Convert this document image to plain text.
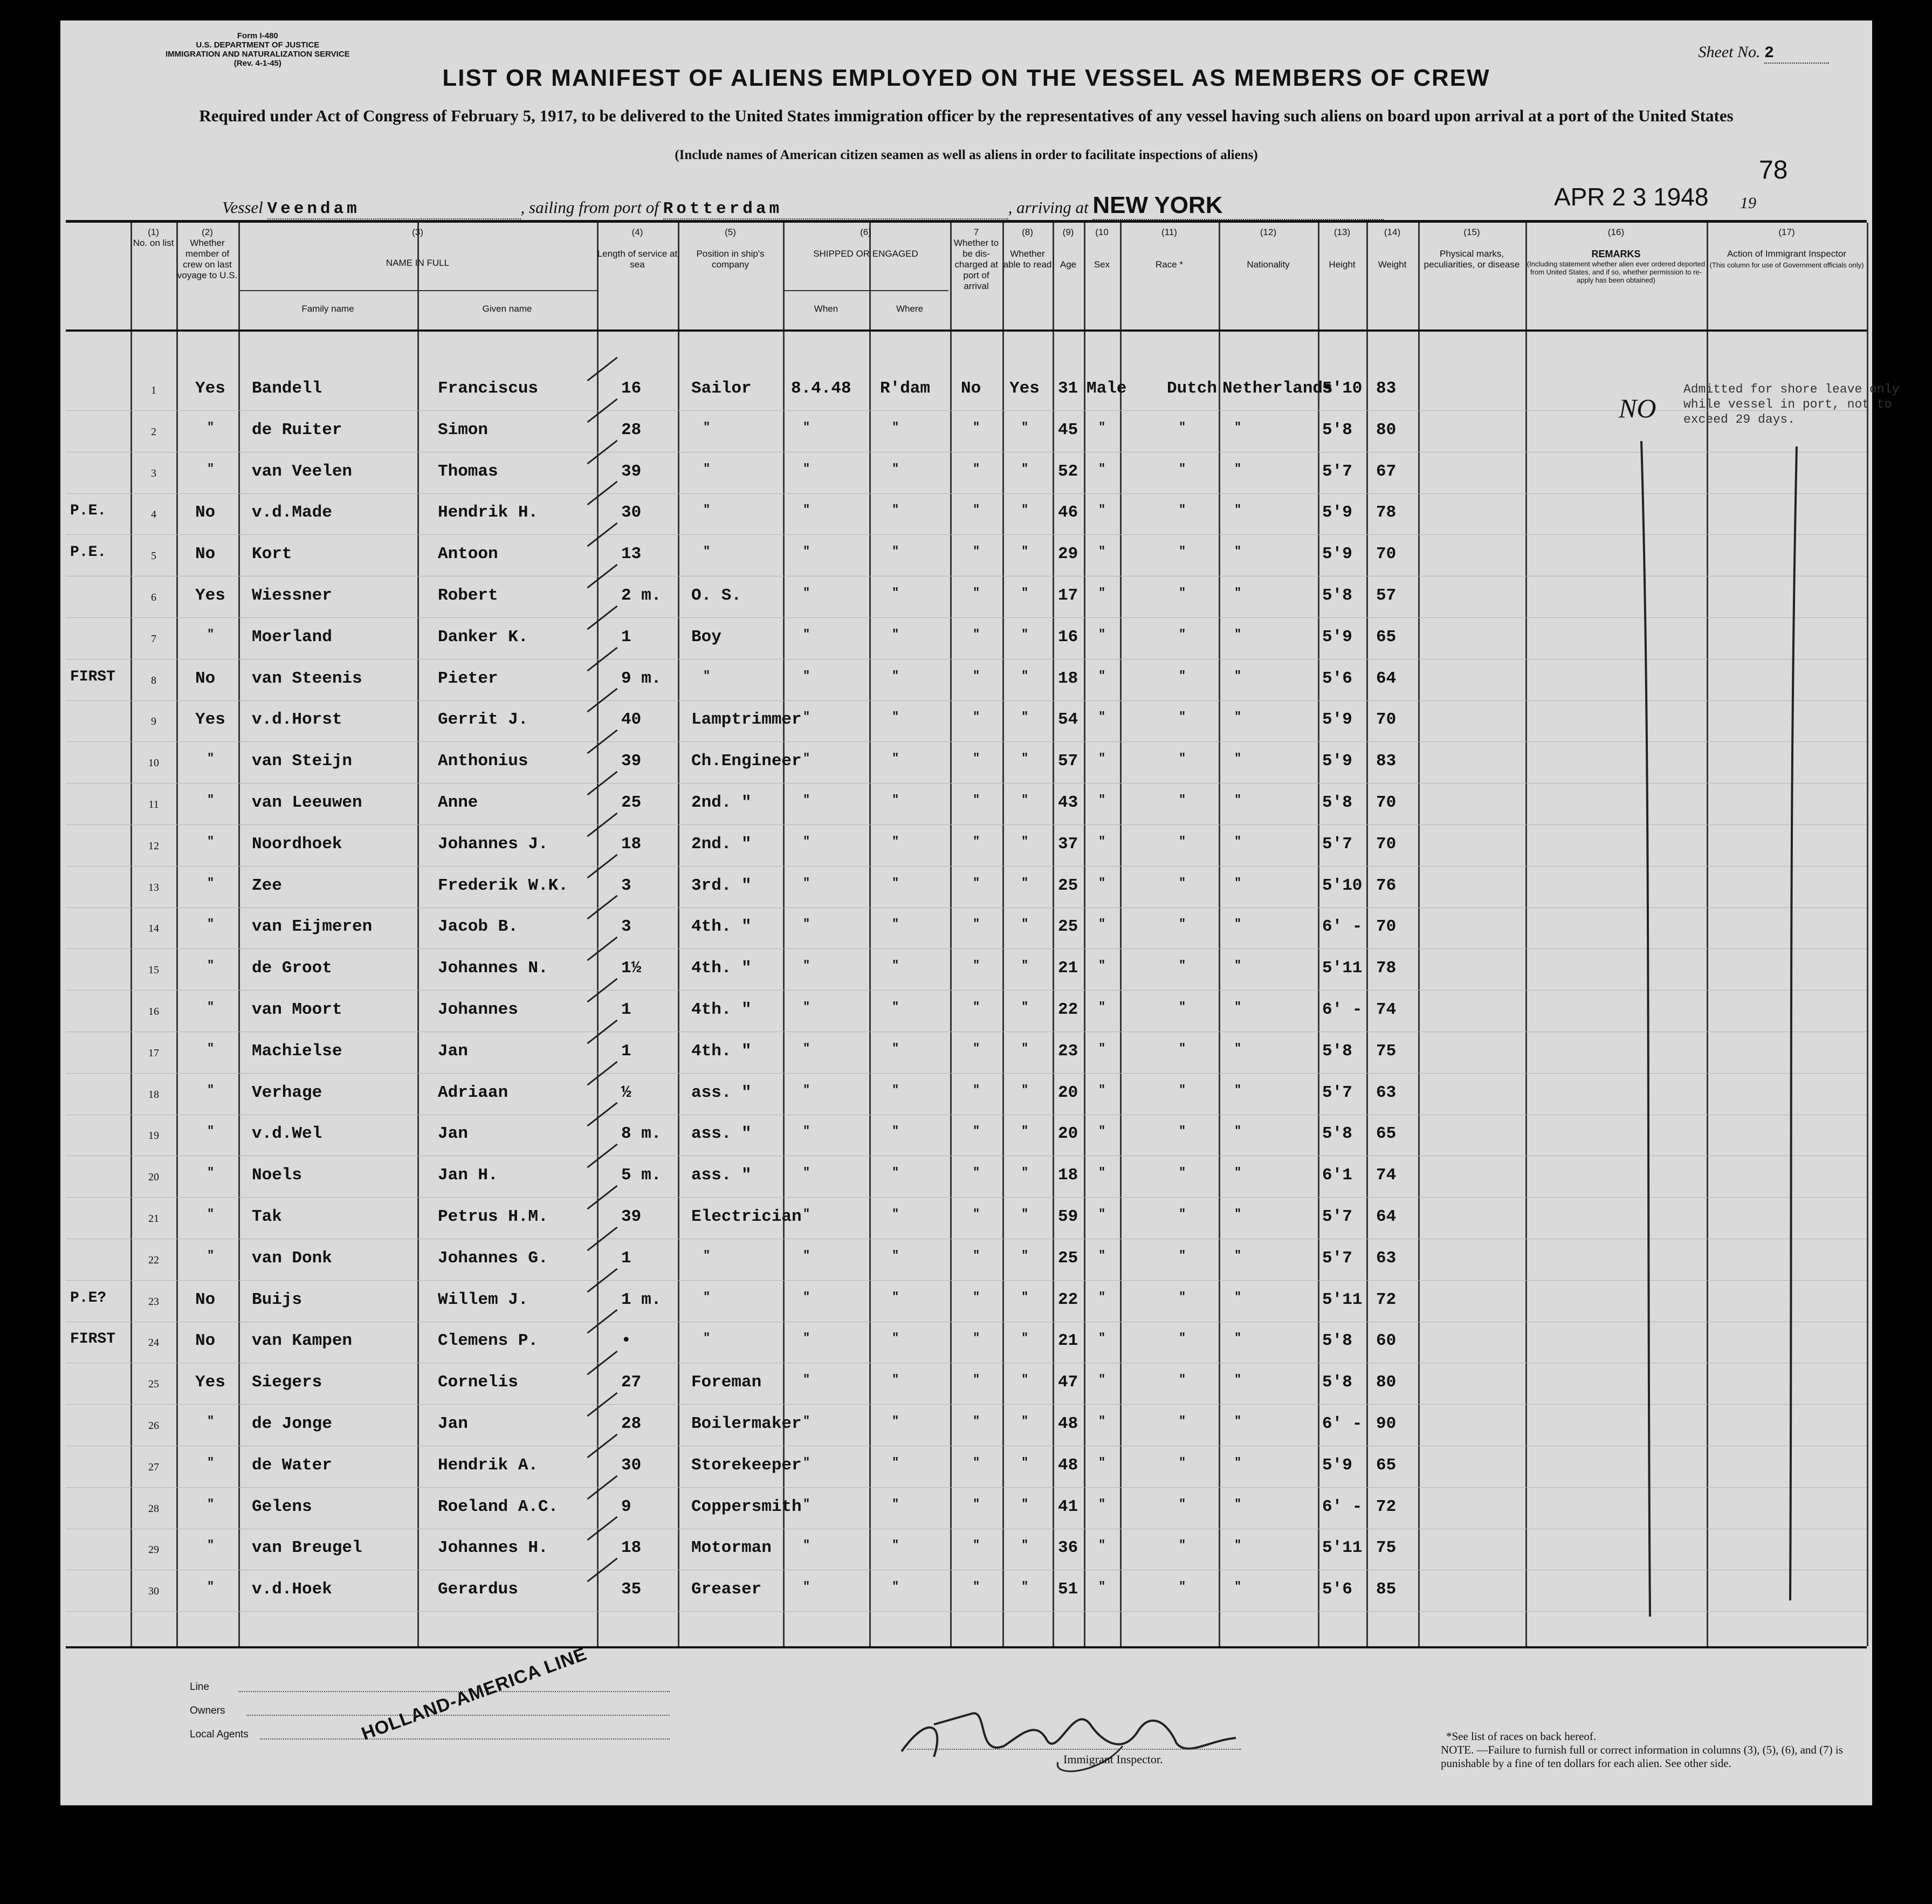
Form I-480
U.S. DEPARTMENT OF JUSTICE
IMMIGRATION AND NATURALIZATION SERVICE
(Rev. 4-1-45)
Sheet No. 2
LIST OR MANIFEST OF ALIENS EMPLOYED ON THE VESSEL AS MEMBERS OF CREW
Required under Act of Congress of February 5, 1917, to be delivered to the United States immigration officer by the representatives of any vessel having such aliens on board upon arrival at a port of the United States
(Include names of American citizen seamen as well as aliens in order to facilitate inspections of aliens)
78
Vessel Veendam	, sailing from port of Rotterdam	, arriving at NEW YORK	APR 2 3 1948 19
(1)
No. on list
(2)
Whether member of crew on last voyage to U.S.
(3)
NAME IN FULL
Family name	Given name
(4)

Length of service at sea
(5)

Position in ship's company
(6)

SHIPPED OR ENGAGED
When	Where
7
Whether to be dis-charged at port of arrival
(8)

Whether able to read
(9)

Age
(10

Sex
(11)

Race *
(12)

Nationality
(13)

Height
(14)

Weight
(15)

Physical marks, peculiarities, or disease
(16)

REMARKS
(Including statement whether alien ever ordered deported from United States, and if so, whether permission to re-apply has been obtained)
(17)

Action of Immigrant Inspector
(This column for use of Government officials only)
1	Yes	Bandell	Franciscus	16	Sailor	8.4.48	R'dam	No	Yes	31 Male Dutch Netherlands
5'10 83
2	"	de Ruiter	Simon	28	"	"	"	"	"	45	"	"	"	5'8	80
3	"	van Veelen	Thomas	39	"	"	"	"	"	52	"	"	"	5'7	67
4	No	v.d.Made	Hendrik H.	30	"	"	"	"	"	46	"	"	"	5'9	78
5	No	Kort	Antoon	13	"	"	"	"	"	29	"	"	"	5'9	70
6	Yes	Wiessner	Robert	2 m.	O. S.	"	"	"	"	17	"	"	"	5'8	57
7	"	Moerland	Danker K.	1	Boy	"	"	"	"	16	"	"	"	5'9	65
8	No	van Steenis	Pieter	9 m.	"	"	"	"	"	18	"	"	"	5'6	64
9	Yes	v.d.Horst	Gerrit J.	40	Lamptrimmer "	"	"	"	54	"	"	"	5'9	70
10	"	van Steijn	Anthonius	39	Ch.Engineer "	"	"	"	57	"	"	"	5'9	83
11	"	van Leeuwen	Anne	25	2nd. "	"	"	"	"	43	"	"	"	5'8	70
12	"	Noordhoek	Johannes J.	18	2nd. "	"	"	"	"	37	"	"	"	5'7	70
13	"	Zee	Frederik W.K.	3	3rd. "	"	"	"	"	25	"	"	"	5'10 76
14	"	van Eijmeren	Jacob B.	3	4th. "	"	"	"	"	25	"	"	"	6' - 70
15	"	de Groot	Johannes N.	1½	4th. "	"	"	"	"	21	"	"	"	5'11 78
16	"	van Moort	Johannes	1	4th. "	"	"	"	"	22	"	"	"	6' - 74
17	"	Machielse	Jan	1	4th. "	"	"	"	"	23	"	"	"	5'8	75
18	"	Verhage	Adriaan	½	ass. "	"	"	"	"	20	"	"	"	5'7	63
19	"	v.d.Wel	Jan	8 m.	ass. "	"	"	"	"	20	"	"	"	5'8	65
20	"	Noels	Jan H.	5 m.	ass. "	"	"	"	"	18	"	"	"	6'1	74
21	"	Tak	Petrus H.M.	39	Electrician "	"	"	"	59	"	"	"	5'7	64
22	"	van Donk	Johannes G.	1	"	"	"	"	"	25	"	"	"	5'7	63
23	No	Buijs	Willem J.	1 m.	"	"	"	"	"	22	"	"	"	5'11 72
24	No	van Kampen	Clemens P.	•	"	"	"	"	"	21	"	"	"	5'8	60
25	Yes	Siegers	Cornelis	27	Foreman	"	"	"	"	47	"	"	"	5'8	80
26	"	de Jonge	Jan	28	Boilermaker "	"	"	"	48	"	"	"	6' - 90
27	"	de Water	Hendrik A.	30	Storekeeper "	"	"	"	48	"	"	"	5'9	65
28	"	Gelens	Roeland A.C.	9	Coppersmith "	"	"	"	41	"	"	"	6' - 72
29	"	van Breugel	Johannes H.	18	Motorman	"	"	"	"	36	"	"	"	5'11 75
30	"	v.d.Hoek	Gerardus	35	Greaser	"	"	"	"	51	"	"	"	5'6	85
P.E.
P.E.
FIRST
P.E?
FIRST
NO
Admitted for shore leave only while vessel in port, not to exceed 29 days.
Line
Owners
Local Agents	HOLLAND-AMERICA LINE
Immigrant Inspector.
*See list of races on back hereof.
NOTE. —Failure to furnish full or correct information in columns (3), (5), (6), and (7) is punishable by a fine of ten dollars for each alien. See other side.
